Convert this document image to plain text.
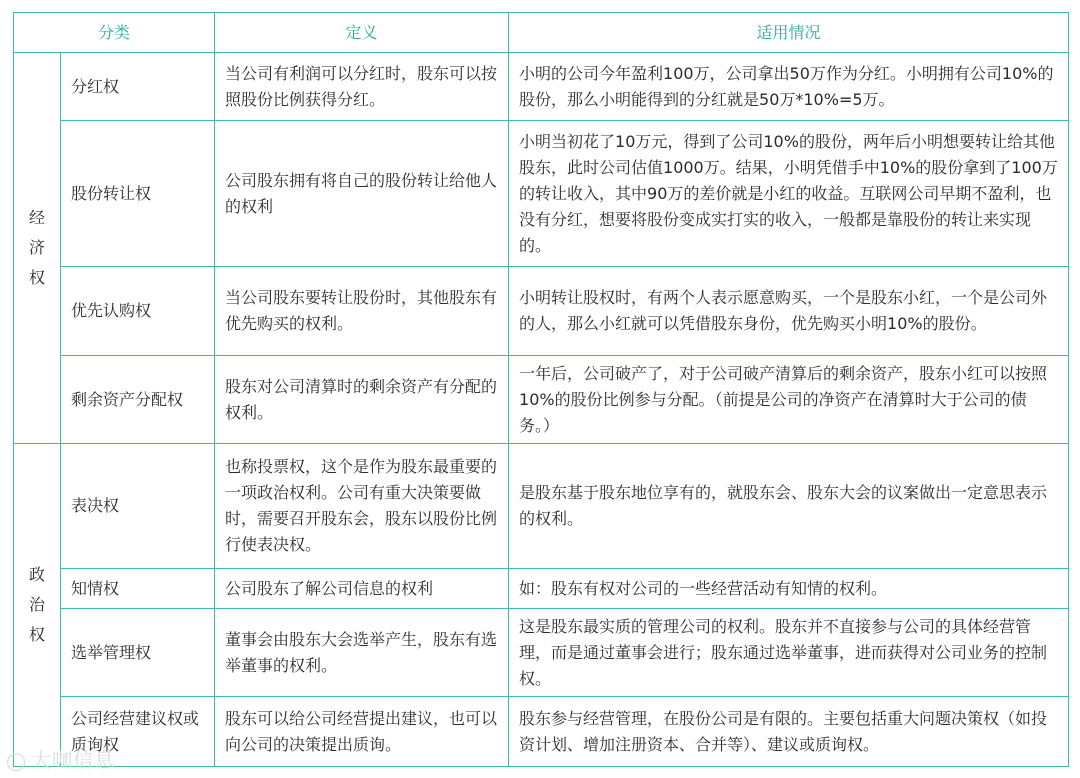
分类		定义	适用情况

经济权	分红权	当公司有利润可以分红时，股东可以按照股份比例获得分红。	小明的公司今年盈利100万，公司拿出50万作为分红。小明拥有公司10%的股份，那么小明能得到的分红就是50万*10%=5万。
	股份转让权	公司股东拥有将自己的股份转让给他人的权利	小明当初花了10万元，得到了公司10%的股份，两年后小明想要转让给其他股东，此时公司估值1000万。结果，小明凭借手中10%的股份拿到了100万的转让收入，其中90万的差价就是小红的收益。互联网公司早期不盈利，也没有分红，想要将股份变成实打实的收入，一般都是靠股份的转让来实现的。
	优先认购权	当公司股东要转让股份时，其他股东有优先购买的权利。	小明转让股权时，有两个人表示愿意购买，一个是股东小红，一个是公司外的人，那么小红就可以凭借股东身份，优先购买小明10%的股份。
	剩余资产分配权	股东对公司清算时的剩余资产有分配的权利。	一年后，公司破产了，对于公司破产清算后的剩余资产，股东小红可以按照10%的股份比例参与分配。（前提是公司的净资产在清算时大于公司的债务。）

政治权	表决权	也称投票权，这个是作为股东最重要的一项政治权利。公司有重大决策要做时，需要召开股东会，股东以股份比例行使表决权。	是股东基于股东地位享有的，就股东会、股东大会的议案做出一定意思表示的权利。
	知情权	公司股东了解公司信息的权利	如：股东有权对公司的一些经营活动有知情的权利。
	选举管理权	董事会由股东大会选举产生，股东有选举董事的权利。	这是股东最实质的管理公司的权利。股东并不直接参与公司的具体经营管理，而是通过董事会进行；股东通过选举董事，进而获得对公司业务的控制权。
	公司经营建议权或质询权	股东可以给公司经营提出建议，也可以向公司的决策提出质询。	股东参与经营管理，在股份公司是有限的。主要包括重大问题决策权（如投资计划、增加注册资本、合并等）、建议或质询权。
◯ 大咖信息
